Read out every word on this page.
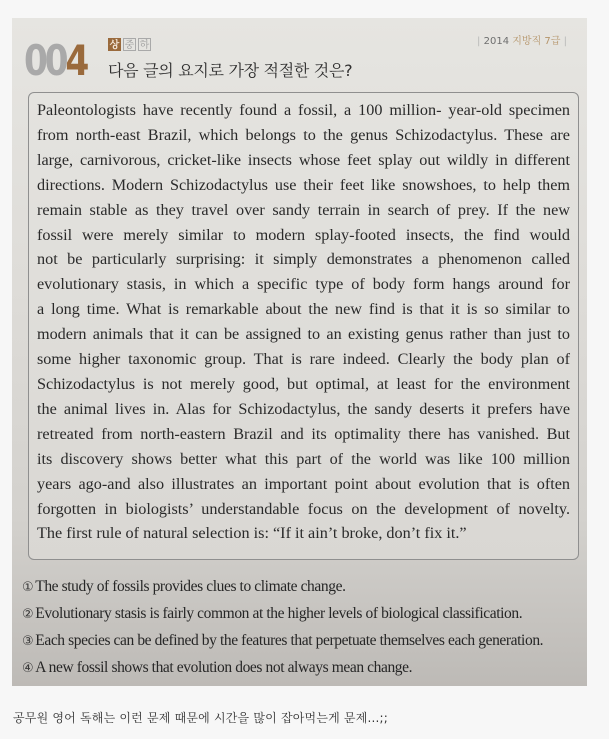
004 상 중 하
다음 글의 요지로 가장 적절한 것은?
| 2014 지방직 7급 |

Paleontologists have recently found a fossil, a 100 million- year-old specimen
from north-east Brazil, which belongs to the genus Schizodactylus. These are
large, carnivorous, cricket-like insects whose feet splay out wildly in different
directions. Modern Schizodactylus use their feet like snowshoes, to help them
remain stable as they travel over sandy terrain in search of prey. If the new
fossil were merely similar to modern splay-footed insects, the find would
not be particularly surprising: it simply demonstrates a phenomenon called
evolutionary stasis, in which a specific type of body form hangs around for
a long time. What is remarkable about the new find is that it is so similar to
modern animals that it can be assigned to an existing genus rather than just to
some higher taxonomic group. That is rare indeed. Clearly the body plan of
Schizodactylus is not merely good, but optimal, at least for the environment
the animal lives in. Alas for Schizodactylus, the sandy deserts it prefers have
retreated from north-eastern Brazil and its optimality there has vanished. But
its discovery shows better what this part of the world was like 100 million
years ago-and also illustrates an important point about evolution that is often
forgotten in biologists’ understandable focus on the development of novelty.
The first rule of natural selection is: “If it ain’t broke, don’t fix it.”

① The study of fossils provides clues to climate change.
② Evolutionary stasis is fairly common at the higher levels of biological classification.
③ Each species can be defined by the features that perpetuate themselves each generation.
④ A new fossil shows that evolution does not always mean change.
공무원 영어 독해는 이런 문제 때문에 시간을 많이 잡아먹는게 문제...;;
